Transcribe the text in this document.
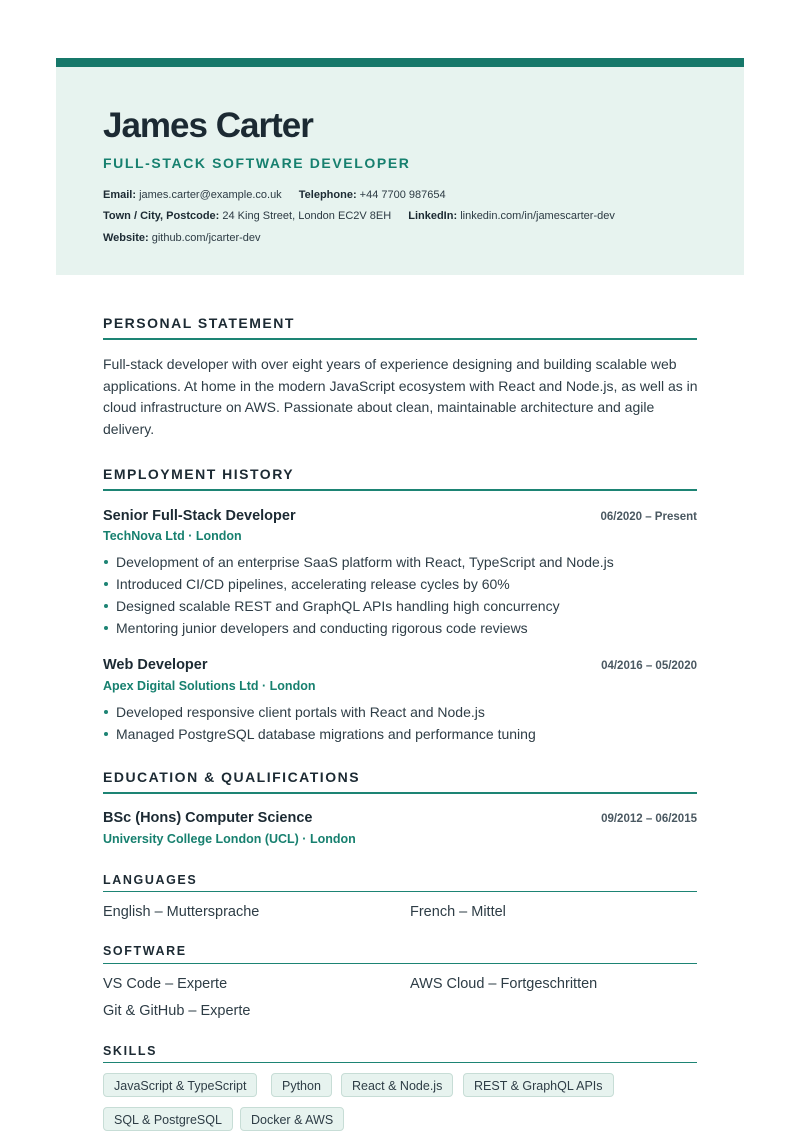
James Carter
FULL-STACK SOFTWARE DEVELOPER
Email: james.carter@example.co.uk Telephone: +44 7700 987654
Town / City, Postcode: 24 King Street, London EC2V 8EH LinkedIn: linkedin.com/in/jamescarter-dev
Website: github.com/jcarter-dev
PERSONAL STATEMENT
Full-stack developer with over eight years of experience designing and building scalable web applications. At home in the modern JavaScript ecosystem with React and Node.js, as well as in cloud infrastructure on AWS. Passionate about clean, maintainable architecture and agile delivery.
EMPLOYMENT HISTORY
Senior Full-Stack Developer	06/2020 – Present
TechNova Ltd · London
Development of an enterprise SaaS platform with React, TypeScript and Node.js
Introduced CI/CD pipelines, accelerating release cycles by 60%
Designed scalable REST and GraphQL APIs handling high concurrency
Mentoring junior developers and conducting rigorous code reviews
Web Developer	04/2016 – 05/2020
Apex Digital Solutions Ltd · London
Developed responsive client portals with React and Node.js
Managed PostgreSQL database migrations and performance tuning
EDUCATION & QUALIFICATIONS
BSc (Hons) Computer Science	09/2012 – 06/2015
University College London (UCL) · London
LANGUAGES
English – Muttersprache	French – Mittel
SOFTWARE
VS Code – Experte	AWS Cloud – Fortgeschritten
Git & GitHub – Experte
SKILLS
JavaScript & TypeScript	Python	React & Node.js	REST & GraphQL APIs
SQL & PostgreSQL	Docker & AWS
